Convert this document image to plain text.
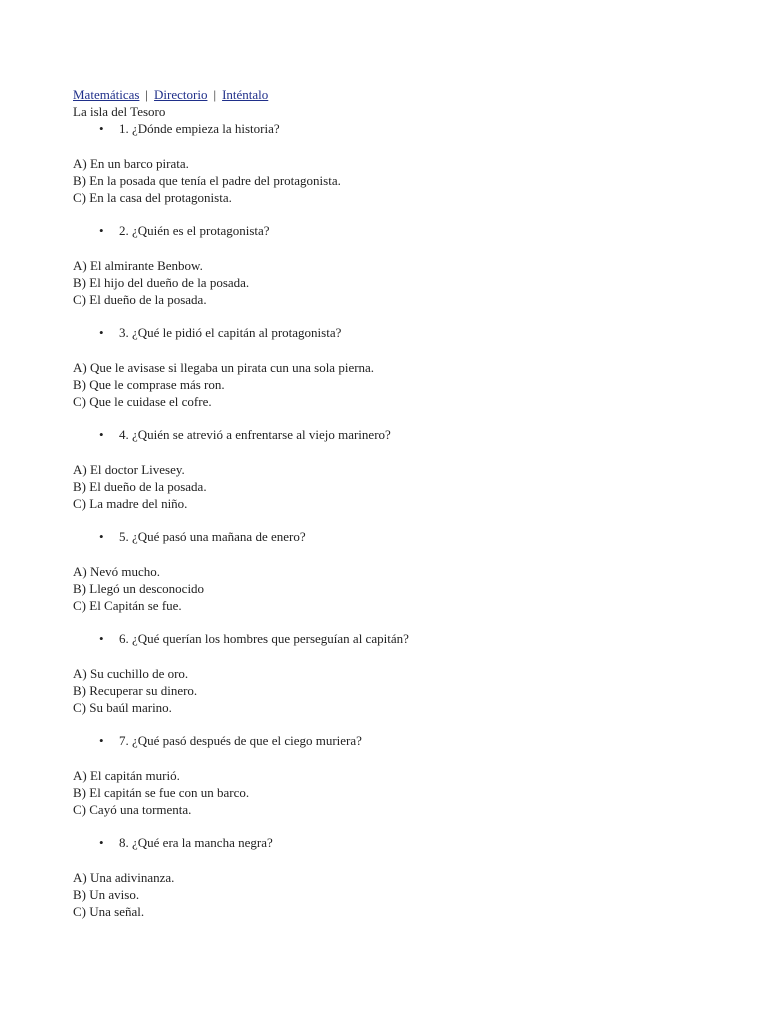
Matemáticas | Directorio | Inténtalo
La isla del Tesoro
• 1. ¿Dónde empieza la historia?
A) En un barco pirata.
B) En la posada que tenía el padre del protagonista.
C) En la casa del protagonista.
• 2. ¿Quién es el protagonista?
A) El almirante Benbow.
B) El hijo del dueño de la posada.
C) El dueño de la posada.
• 3. ¿Qué le pidió el capitán al protagonista?
A) Que le avisase si llegaba un pirata cun una sola pierna.
B) Que le comprase más ron.
C) Que le cuidase el cofre.
• 4. ¿Quién se atrevió a enfrentarse al viejo marinero?
A) El doctor Livesey.
B) El dueño de la posada.
C) La madre del niño.
• 5. ¿Qué pasó una mañana de enero?
A) Nevó mucho.
B) Llegó un desconocido
C) El Capitán se fue.
• 6. ¿Qué querían los hombres que perseguían al capitán?
A) Su cuchillo de oro.
B) Recuperar su dinero.
C) Su baúl marino.
• 7. ¿Qué pasó después de que el ciego muriera?
A) El capitán murió.
B) El capitán se fue con un barco.
C) Cayó una tormenta.
• 8. ¿Qué era la mancha negra?
A) Una adivinanza.
B) Un aviso.
C) Una señal.
